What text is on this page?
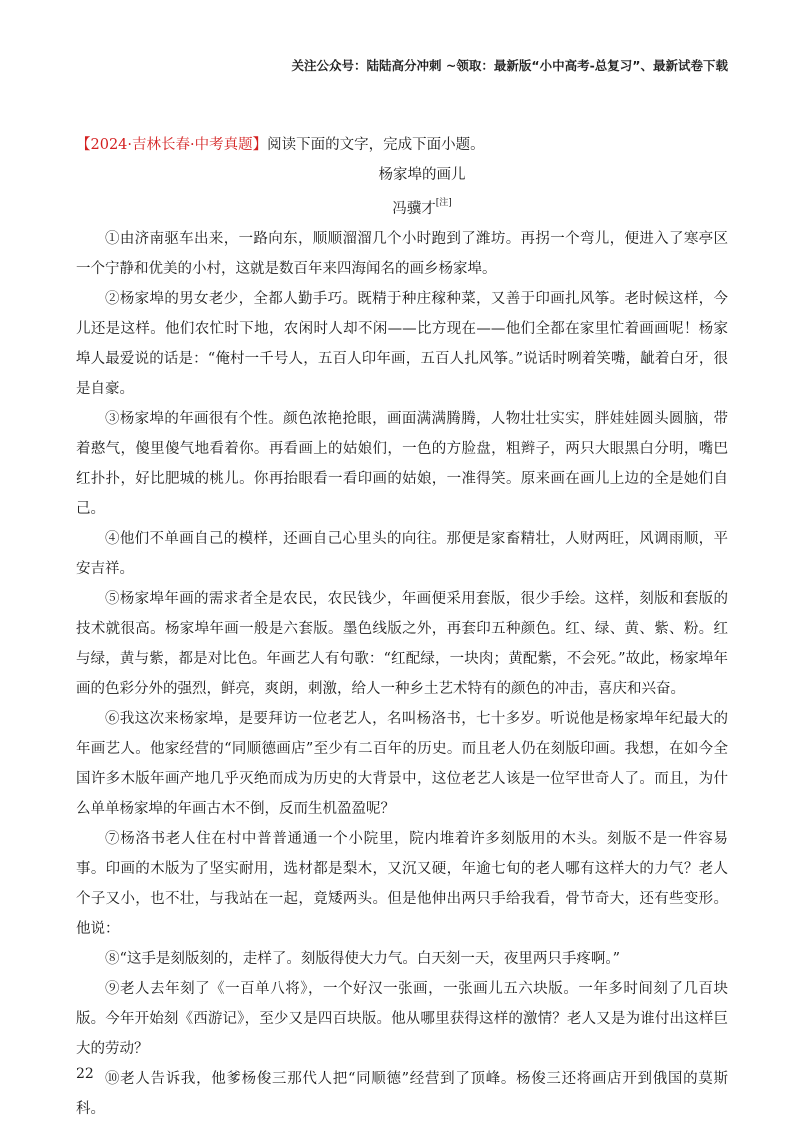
关注公众号：陆陆高分冲刺 ~领取：最新版“小中高考-总复习”、最新试卷下载

【2024·吉林长春·中考真题】阅读下面的文字，完成下面小题。

杨家埠的画儿

冯骥才[注]

①由济南驱车出来，一路向东，顺顺溜溜几个小时跑到了潍坊。再拐一个弯儿，便进入了寒亭区一个宁静和优美的小村，这就是数百年来四海闻名的画乡杨家埠。

②杨家埠的男女老少，全都人勤手巧。既精于种庄稼种菜，又善于印画扎风筝。老时候这样，今儿还是这样。他们农忙时下地，农闲时人却不闲——比方现在——他们全都在家里忙着画画呢！杨家埠人最爱说的话是：“俺村一千号人，五百人印年画，五百人扎风筝。”说话时咧着笑嘴，龇着白牙，很是自豪。

③杨家埠的年画很有个性。颜色浓艳抢眼，画面满满腾腾，人物壮壮实实，胖娃娃圆头圆脑，带着憨气，傻里傻气地看着你。再看画上的姑娘们，一色的方脸盘，粗辫子，两只大眼黑白分明，嘴巴红扑扑，好比肥城的桃儿。你再抬眼看一看印画的姑娘，一准得笑。原来画在画儿上边的全是她们自己。

④他们不单画自己的模样，还画自己心里头的向往。那便是家畜精壮，人财两旺，风调雨顺，平安吉祥。

⑤杨家埠年画的需求者全是农民，农民钱少，年画便采用套版，很少手绘。这样，刻版和套版的技术就很高。杨家埠年画一般是六套版。墨色线版之外，再套印五种颜色。红、绿、黄、紫、粉。红与绿，黄与紫，都是对比色。年画艺人有句歌：“红配绿，一块肉；黄配紫，不会死。”故此，杨家埠年画的色彩分外的强烈，鲜亮，爽朗，刺激，给人一种乡土艺术特有的颜色的冲击，喜庆和兴奋。

⑥我这次来杨家埠，是要拜访一位老艺人，名叫杨洛书，七十多岁。听说他是杨家埠年纪最大的年画艺人。他家经营的“同顺德画店”至少有二百年的历史。而且老人仍在刻版印画。我想，在如今全国许多木版年画产地几乎灭绝而成为历史的大背景中，这位老艺人该是一位罕世奇人了。而且，为什么单单杨家埠的年画古木不倒，反而生机盈盈呢？

⑦杨洛书老人住在村中普普通通一个小院里，院内堆着许多刻版用的木头。刻版不是一件容易事。印画的木版为了坚实耐用，选材都是梨木，又沉又硬，年逾七旬的老人哪有这样大的力气？老人个子又小，也不壮，与我站在一起，竟矮两头。但是他伸出两只手给我看，骨节奇大，还有些变形。他说：

⑧“这手是刻版刻的，走样了。刻版得使大力气。白天刻一天，夜里两只手疼啊。”

⑨老人去年刻了《一百单八将》，一个好汉一张画，一张画儿五六块版。一年多时间刻了几百块版。今年开始刻《西游记》，至少又是四百块版。他从哪里获得这样的激情？老人又是为谁付出这样巨大的劳动？

⑩老人告诉我，他爹杨俊三那代人把“同顺德”经营到了顶峰。杨俊三还将画店开到俄国的莫斯科。

22
